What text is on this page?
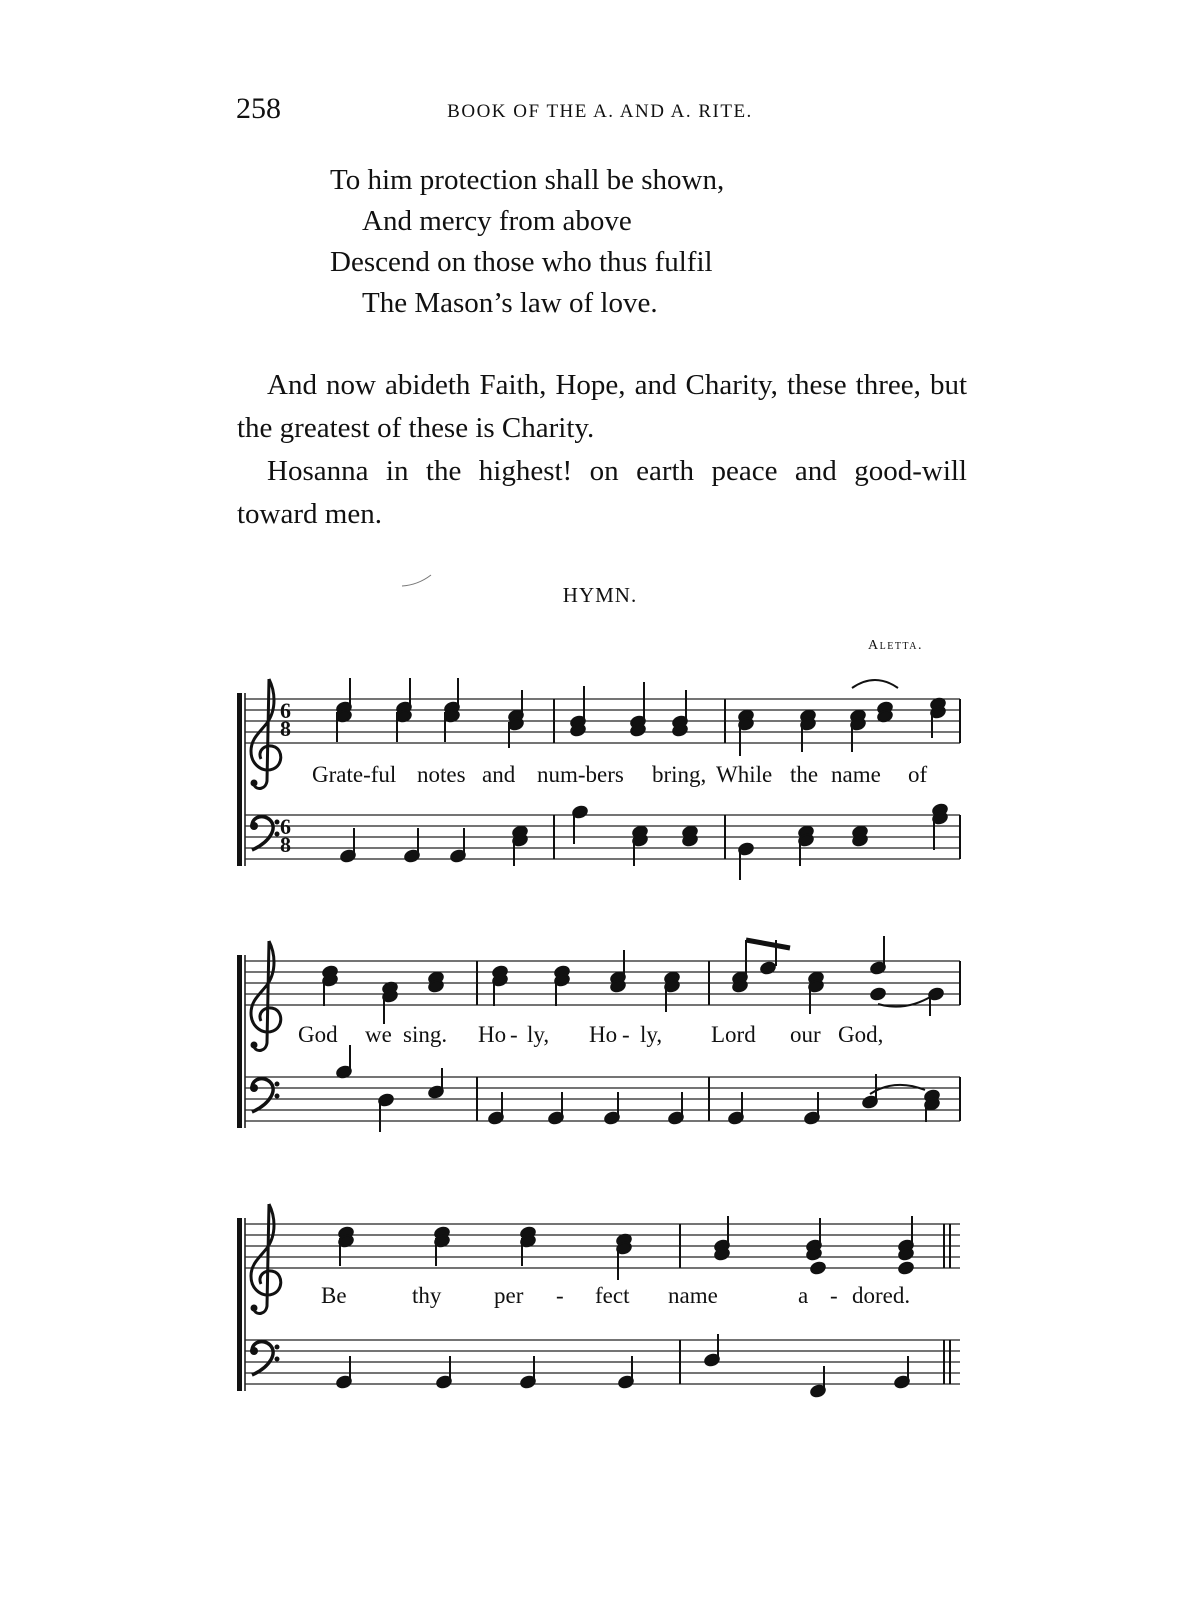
258	BOOK OF THE A. AND A. RITE.
To him protection shall be shown,
And mercy from above
Descend on those who thus fulfil
The Mason’s law of love.

And now abideth Faith, Hope, and Charity, these three, but the greatest of these is Charity.

Hosanna in the highest! on earth peace and good-will toward men.

HYMN.
Aletta.
Grate-ful notes and num-bers bring, While the name of
God we sing. Ho - ly, Ho - ly, Lord our God,
Be	thy per - fect name	a - dored.
6
8
